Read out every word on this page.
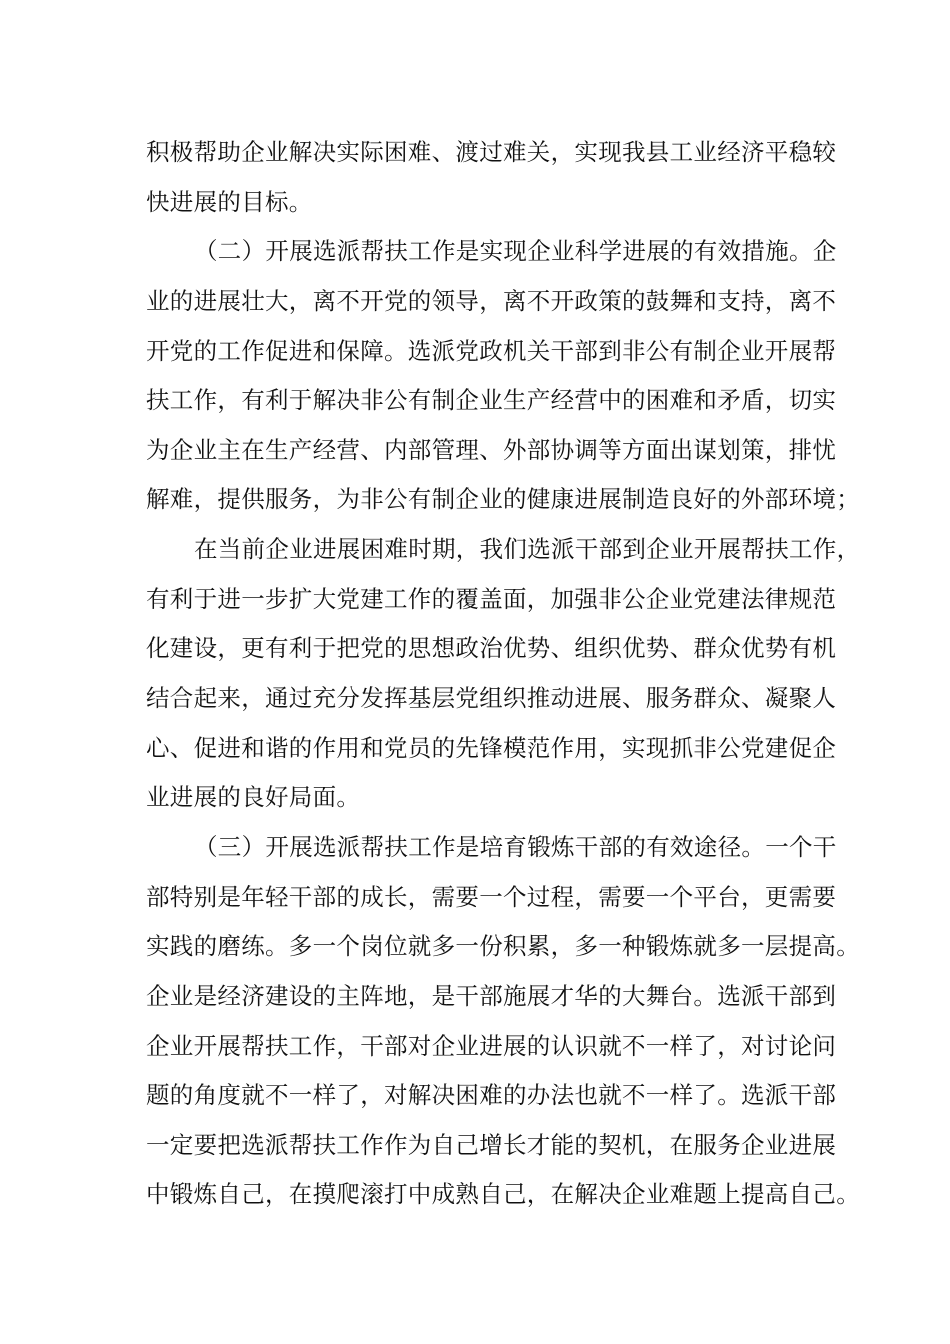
积极帮助企业解决实际困难、渡过难关，实现我县工业经济平稳较
快进展的目标。
（二）开展选派帮扶工作是实现企业科学进展的有效措施。企
业的进展壮大，离不开党的领导，离不开政策的鼓舞和支持，离不
开党的工作促进和保障。选派党政机关干部到非公有制企业开展帮
扶工作，有利于解决非公有制企业生产经营中的困难和矛盾，切实
为企业主在生产经营、内部管理、外部协调等方面出谋划策，排忧
解难，提供服务，为非公有制企业的健康进展制造良好的外部环境；
在当前企业进展困难时期，我们选派干部到企业开展帮扶工作，
有利于进一步扩大党建工作的覆盖面，加强非公企业党建法律规范
化建设，更有利于把党的思想政治优势、组织优势、群众优势有机
结合起来，通过充分发挥基层党组织推动进展、服务群众、凝聚人
心、促进和谐的作用和党员的先锋模范作用，实现抓非公党建促企
业进展的良好局面。
（三）开展选派帮扶工作是培育锻炼干部的有效途径。一个干
部特别是年轻干部的成长，需要一个过程，需要一个平台，更需要
实践的磨练。多一个岗位就多一份积累，多一种锻炼就多一层提高。
企业是经济建设的主阵地，是干部施展才华的大舞台。选派干部到
企业开展帮扶工作，干部对企业进展的认识就不一样了，对讨论问
题的角度就不一样了，对解决困难的办法也就不一样了。选派干部
一定要把选派帮扶工作作为自己增长才能的契机，在服务企业进展
中锻炼自己，在摸爬滚打中成熟自己，在解决企业难题上提高自己。
